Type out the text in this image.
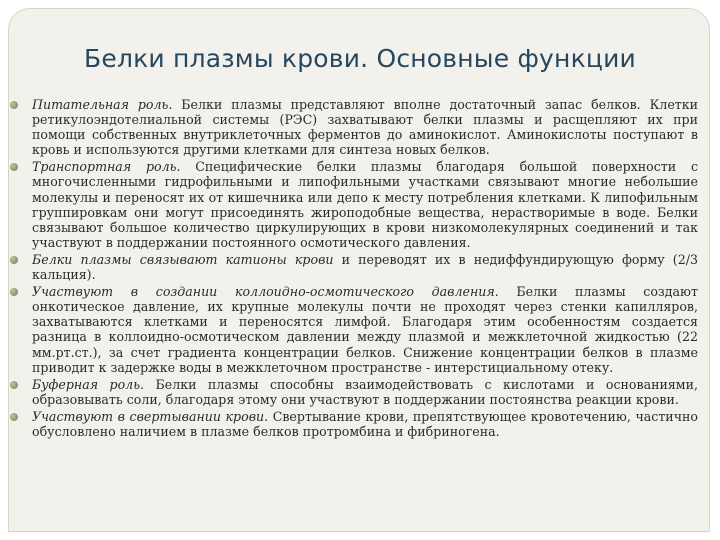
Белки плазмы крови. Основные функции
Питательная роль. Белки плазмы представляют вполне достаточный запас белков. Клетки ретикулоэндотелиальной системы (РЭС) захватывают белки плазмы и расщепляют их при помощи собственных внутриклеточных ферментов до аминокислот. Аминокислоты поступают в кровь и используются другими клетками для синтеза новых белков.
Транспортная роль. Специфические белки плазмы благодаря большой поверхности с многочисленными гидрофильными и липофильными участками связывают многие небольшие молекулы и переносят их от кишечника или депо к месту потребления клетками. К липофильным группировкам они могут присоединять жироподобные вещества, нерастворимые в воде. Белки связывают большое количество циркулирующих в крови низкомолекулярных соединений и так участвуют в поддержании постоянного осмотического давления.
Белки плазмы связывают катионы крови и переводят их в недиффундирующую форму (2/3 кальция).
Участвуют в создании коллоидно-осмотического давления. Белки плазмы создают онкотическое давление, их крупные молекулы почти не проходят через стенки капилляров, захватываются клетками и переносятся лимфой. Благодаря этим особенностям создается разница в коллоидно-осмотическом давлении между плазмой и межклеточной жидкостью (22 мм.рт.ст.), за счет градиента концентрации белков. Снижение концентрации белков в плазме приводит к задержке воды в межклеточном пространстве - интерстициальному отеку.
Буферная роль. Белки плазмы способны взаимодействовать с кислотами и основаниями, образовывать соли, благодаря этому они участвуют в поддержании постоянства реакции крови.
Участвуют в свертывании крови. Свертывание крови, препятствующее кровотечению, частично обусловлено наличием в плазме белков протромбина и фибриногена.
